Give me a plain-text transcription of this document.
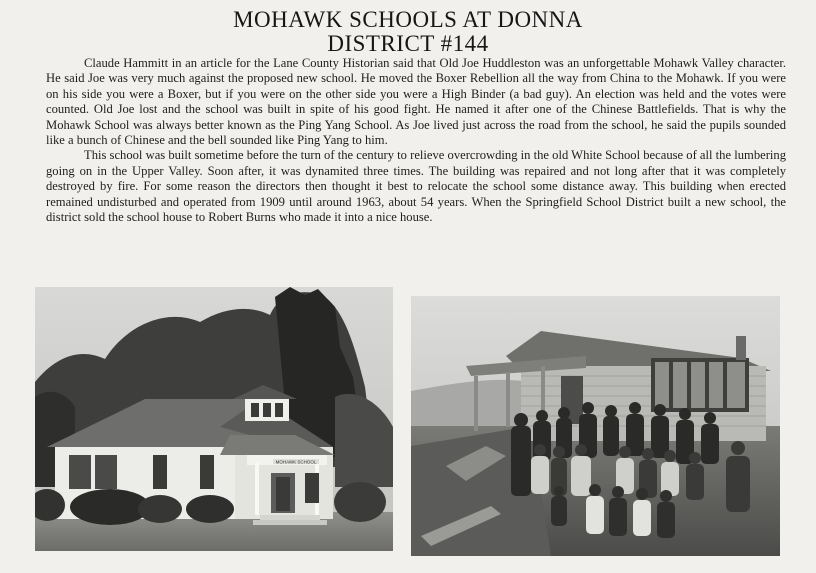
MOHAWK SCHOOLS AT DONNA
DISTRICT #144

Claude Hammitt in an article for the Lane County Historian said that Old Joe Huddleston was an unforgettable Mohawk Valley character. He said Joe was very much against the proposed new school. He moved the Boxer Rebellion all the way from China to the Mohawk. If you were on his side you were a Boxer, but if you were on the other side you were a High Binder (a bad guy). An election was held and the votes were counted. Old Joe lost and the school was built in spite of his good fight. He named it after one of the Chinese Battlefields. That is why the Mohawk School was always better known as the Ping Yang School. As Joe lived just across the road from the school, he said the pupils sounded like a bunch of Chinese and the bell sounded like Ping Yang to him.

This school was built sometime before the turn of the century to relieve overcrowding in the old White School because of all the lumbering going on in the Upper Valley. Soon after, it was dynamited three times. The building was repaired and not long after that it was completely destroyed by fire. For some reason the directors then thought it best to relocate the school some distance away. This building when erected remained undisturbed and operated from 1909 until around 1963, about 54 years. When the Springfield School District built a new school, the district sold the school house to Robert Burns who made it into a nice house.

MOHAWK SCHOOL
